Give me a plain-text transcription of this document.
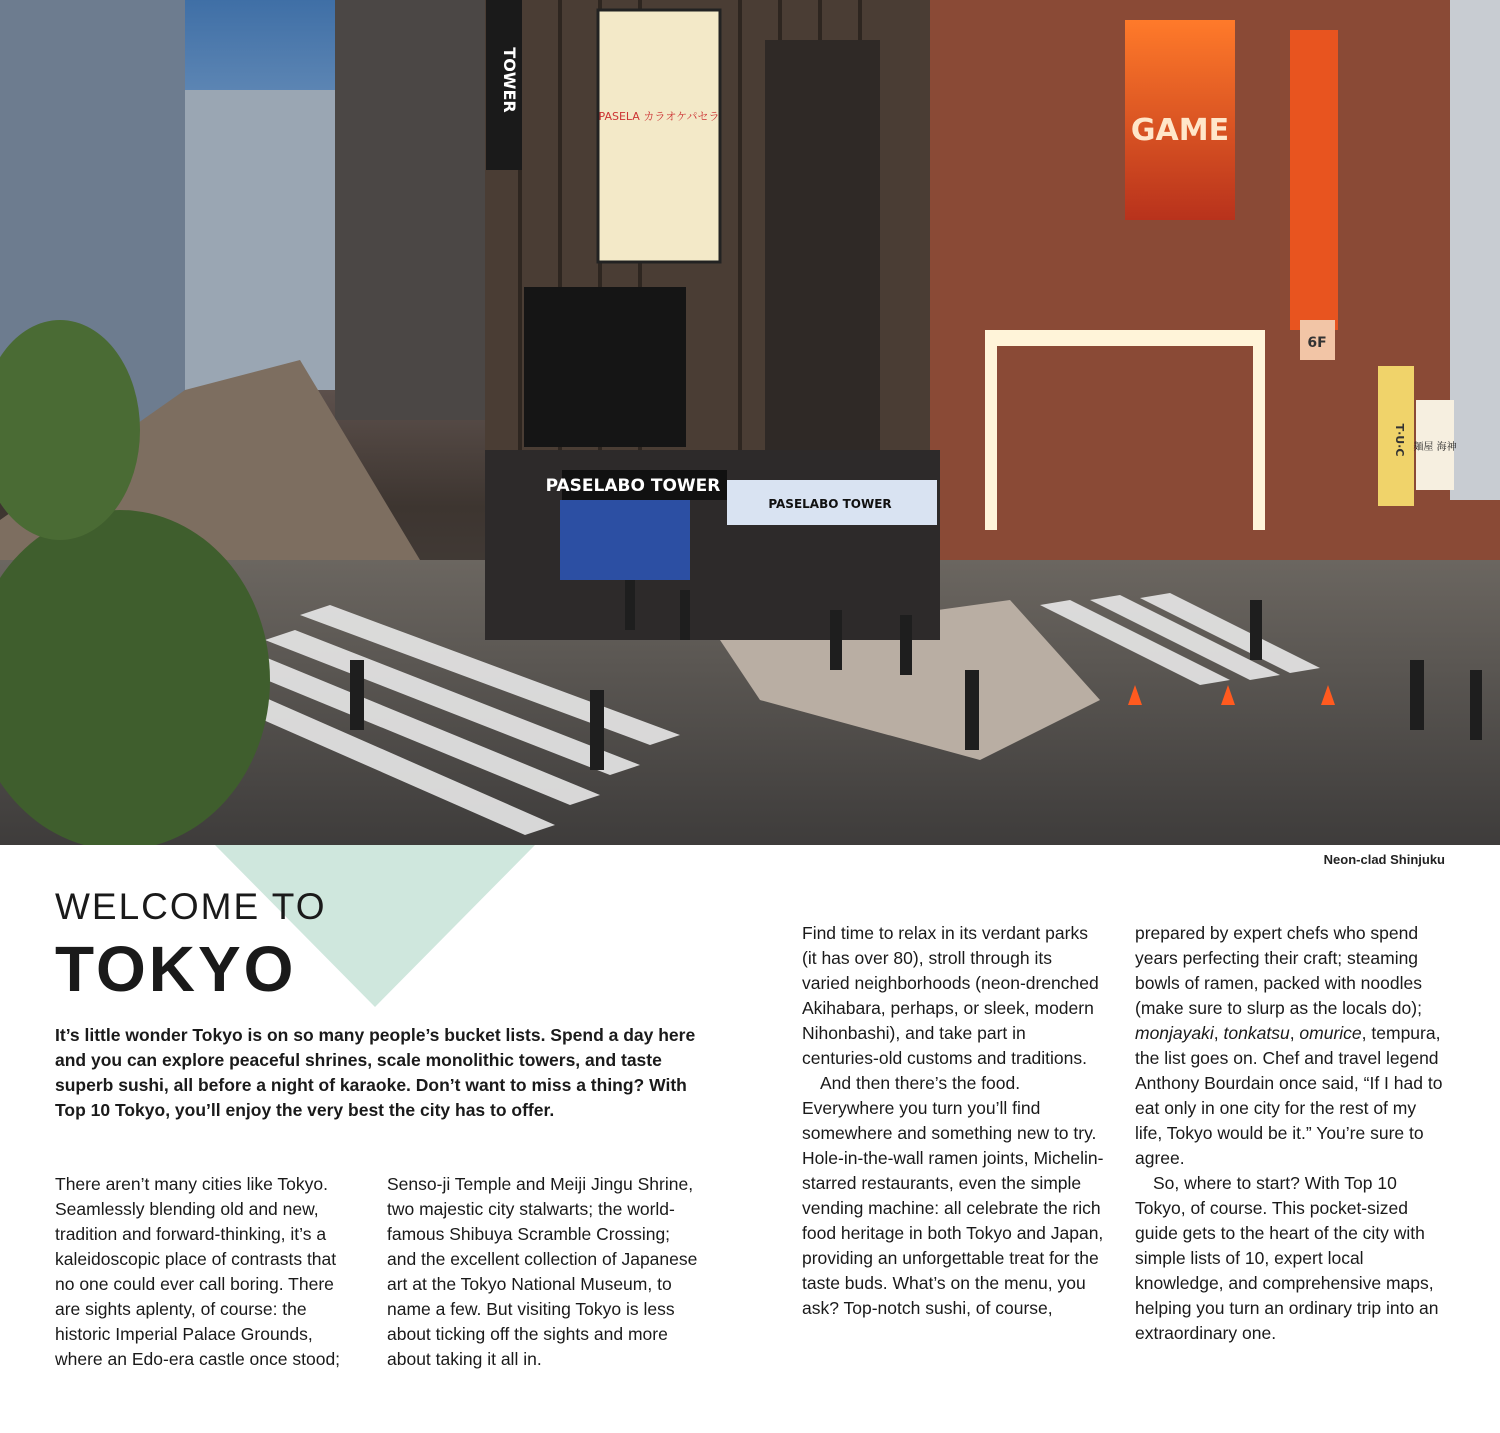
PASELA カラオケパセラ
TOWER
GAME
6F
T·U·C 麺屋 海神
PASELABO TOWER
PASELABO TOWER
Neon-clad Shinjuku
WELCOME TO
TOKYO
It’s little wonder Tokyo is on so many people’s bucket lists. Spend a day here and you can explore peaceful shrines, scale monolithic towers, and taste superb sushi, all before a night of karaoke. Don’t want to miss a thing? With Top 10 Tokyo, you’ll enjoy the very best the city has to offer.

There aren’t many cities like Tokyo. Seamlessly blending old and new, tradition and forward-thinking, it’s a kaleidoscopic place of contrasts that no one could ever call boring. There are sights aplenty, of course: the historic Imperial Palace Grounds, where an Edo-era castle once stood;

Senso-ji Temple and Meiji Jingu Shrine, two majestic city stalwarts; the world-famous Shibuya Scramble Crossing; and the excellent collection of Japanese art at the Tokyo National Museum, to name a few. But visiting Tokyo is less about ticking off the sights and more about taking it all in.

Find time to relax in its verdant parks (it has over 80), stroll through its varied neighborhoods (neon-drenched Akihabara, perhaps, or sleek, modern Nihonbashi), and take part in centuries-old customs and traditions.

And then there’s the food. Everywhere you turn you’ll find somewhere and something new to try. Hole-in-the-wall ramen joints, Michelin-starred restaurants, even the simple vending machine: all celebrate the rich food heritage in both Tokyo and Japan, providing an unforgettable treat for the taste buds. What’s on the menu, you ask? Top-notch sushi, of course,

prepared by expert chefs who spend years perfecting their craft; steaming bowls of ramen, packed with noodles (make sure to slurp as the locals do); monjayaki, tonkatsu, omurice, tempura, the list goes on. Chef and travel legend Anthony Bourdain once said, “If I had to eat only in one city for the rest of my life, Tokyo would be it.” You’re sure to agree.

So, where to start? With Top 10 Tokyo, of course. This pocket-sized guide gets to the heart of the city with simple lists of 10, expert local knowledge, and comprehensive maps, helping you turn an ordinary trip into an extraordinary one.
